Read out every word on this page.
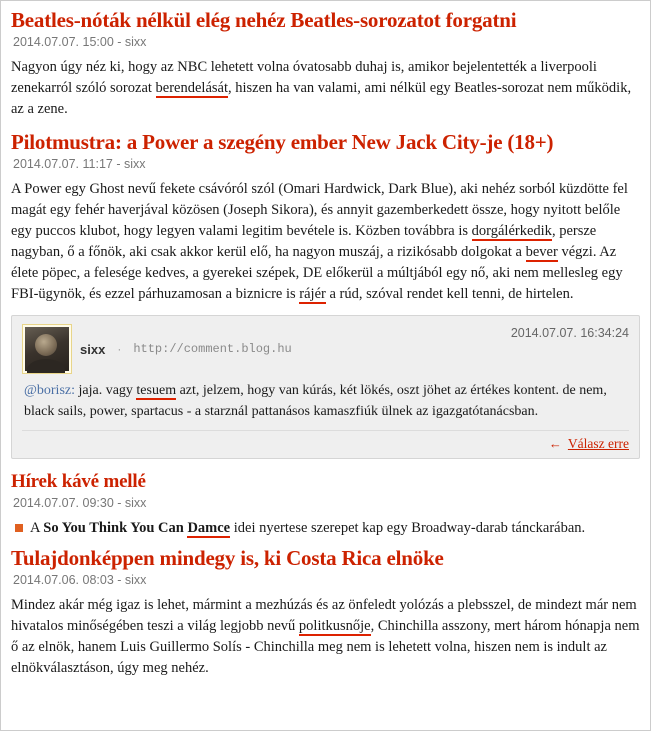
Beatles-nóták nélkül elég nehéz Beatles-sorozatot forgatni
2014.07.07. 15:00 - sixx

Nagyon úgy néz ki, hogy az NBC lehetett volna óvatosabb duhaj is, amikor bejelentették a liverpooli zenekarról szóló sorozat berendelását, hiszen ha van valami, ami nélkül egy Beatles-sorozat nem működik, az a zene.

Pilotmustra: a Power a szegény ember New Jack City-je (18+)
2014.07.07. 11:17 - sixx

A Power egy Ghost nevű fekete csávóról szól (Omari Hardwick, Dark Blue), aki nehéz sorból küzdötte fel magát egy fehér haverjával közösen (Joseph Sikora), és annyit gazemberkedett össze, hogy nyitott belőle egy puccos klubot, hogy legyen valami legitim bevétele is. Közben továbbra is dorgálérkedik, persze nagyban, ő a főnök, aki csak akkor kerül elő, ha nagyon muszáj, a rizikósabb dolgokat a bever végzi. Az élete pöpec, a felesége kedves, a gyerekei szépek, DE előkerül a múltjából egy nő, aki nem mellesleg egy FBI-ügynök, és ezzel párhuzamosan a biznicre is rájér a rúd, szóval rendet kell tenni, de hirtelen.

sixx · http://comment.blog.hu
2014.07.07. 16:34:24
@borisz: jaja. vagy tesuem azt, jelzem, hogy van kúrás, két lökés, oszt jöhet az értékes kontent. de nem, black sails, power, spartacus - a starznál pattanásos kamaszfiúk ülnek az igazgatótanácsban.
← Válasz erre
Hírek kávé mellé
2014.07.07. 09:30 - sixx
A So You Think You Can Damce idei nyertese szerepet kap egy Broadway-darab tánckarában.
Tulajdonképpen mindegy is, ki Costa Rica elnöke
2014.07.06. 08:03 - sixx

Mindez akár még igaz is lehet, mármint a mezhúzás és az önfeledt yolózás a plebsszel, de mindezt már nem hivatalos minőségében teszi a világ legjobb nevű politkusnője, Chinchilla asszony, mert három hónapja nem ő az elnök, hanem Luis Guillermo Solís - Chinchilla meg nem is lehetett volna, hiszen nem is indult az elnökválasztáson, úgy meg nehéz.
